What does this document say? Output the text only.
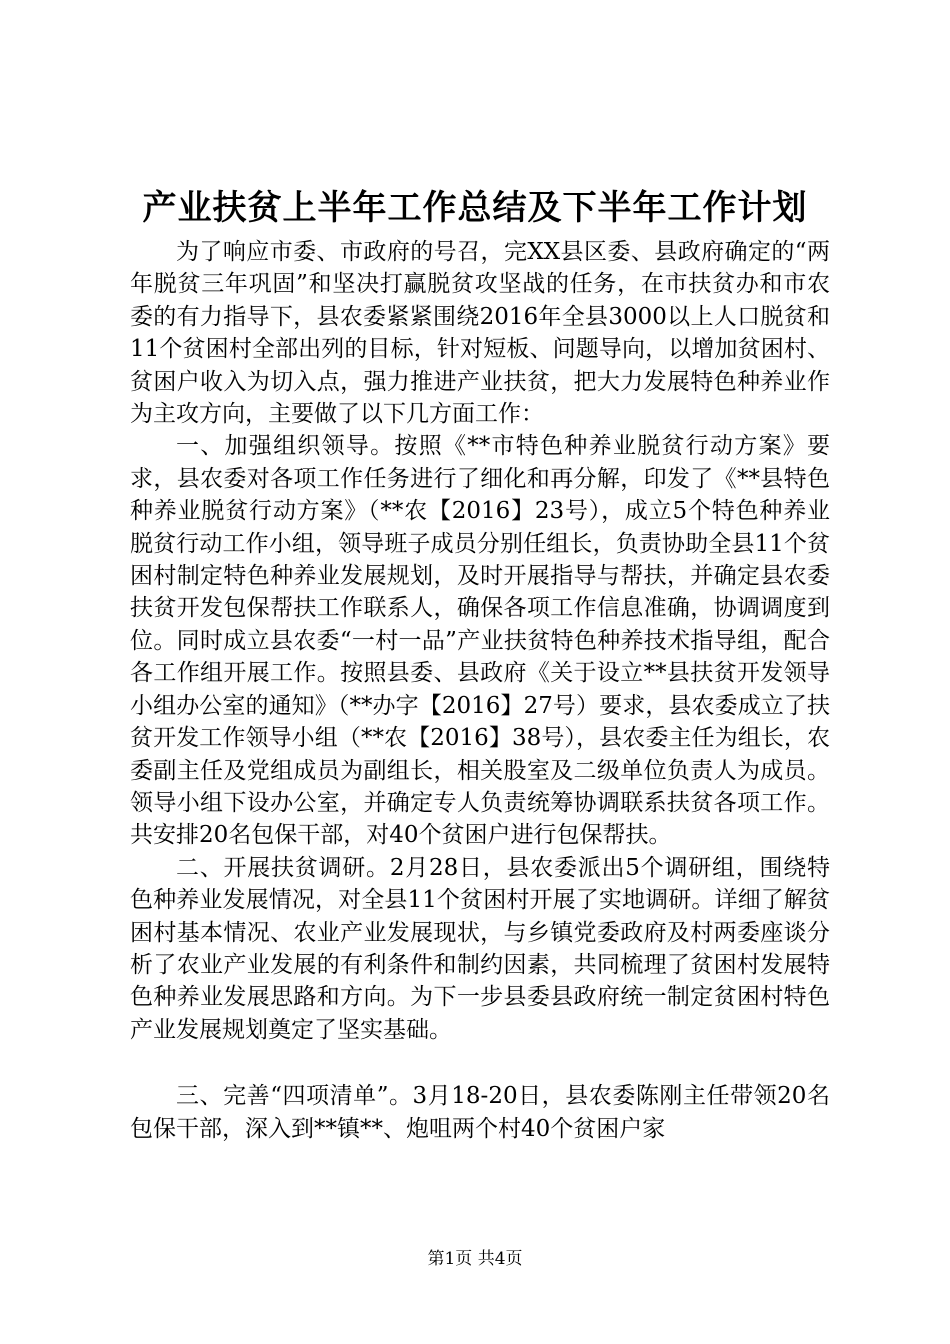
产业扶贫上半年工作总结及下半年工作计划

为了响应市委、市政府的号召，完XX县区委、县政府确定的“两年脱贫三年巩固”和坚决打赢脱贫攻坚战的任务，在市扶贫办和市农委的有力指导下，县农委紧紧围绕2016年全县3000以上人口脱贫和11个贫困村全部出列的目标，针对短板、问题导向，以增加贫困村、贫困户收入为切入点，强力推进产业扶贫，把大力发展特色种养业作为主攻方向，主要做了以下几方面工作：

一、加强组织领导。按照《**市特色种养业脱贫行动方案》要求，县农委对各项工作任务进行了细化和再分解，印发了《**县特色种养业脱贫行动方案》（**农【2016】23号），成立5个特色种养业脱贫行动工作小组，领导班子成员分别任组长，负责协助全县11个贫困村制定特色种养业发展规划，及时开展指导与帮扶，并确定县农委扶贫开发包保帮扶工作联系人，确保各项工作信息准确，协调调度到位。同时成立县农委“一村一品”产业扶贫特色种养技术指导组，配合各工作组开展工作。按照县委、县政府《关于设立**县扶贫开发领导小组办公室的通知》（**办字【2016】27号）要求，县农委成立了扶贫开发工作领导小组（**农【2016】38号），县农委主任为组长，农委副主任及党组成员为副组长，相关股室及二级单位负责人为成员。领导小组下设办公室，并确定专人负责统筹协调联系扶贫各项工作。共安排20名包保干部，对40个贫困户进行包保帮扶。

二、开展扶贫调研。2月28日，县农委派出5个调研组，围绕特色种养业发展情况，对全县11个贫困村开展了实地调研。详细了解贫困村基本情况、农业产业发展现状，与乡镇党委政府及村两委座谈分析了农业产业发展的有利条件和制约因素，共同梳理了贫困村发展特色种养业发展思路和方向。为下一步县委县政府统一制定贫困村特色产业发展规划奠定了坚实基础。

三、完善“四项清单”。3月18-20日，县农委陈刚主任带领20名包保干部，深入到**镇**、炮咀两个村40个贫困户家

第1页 共4页
